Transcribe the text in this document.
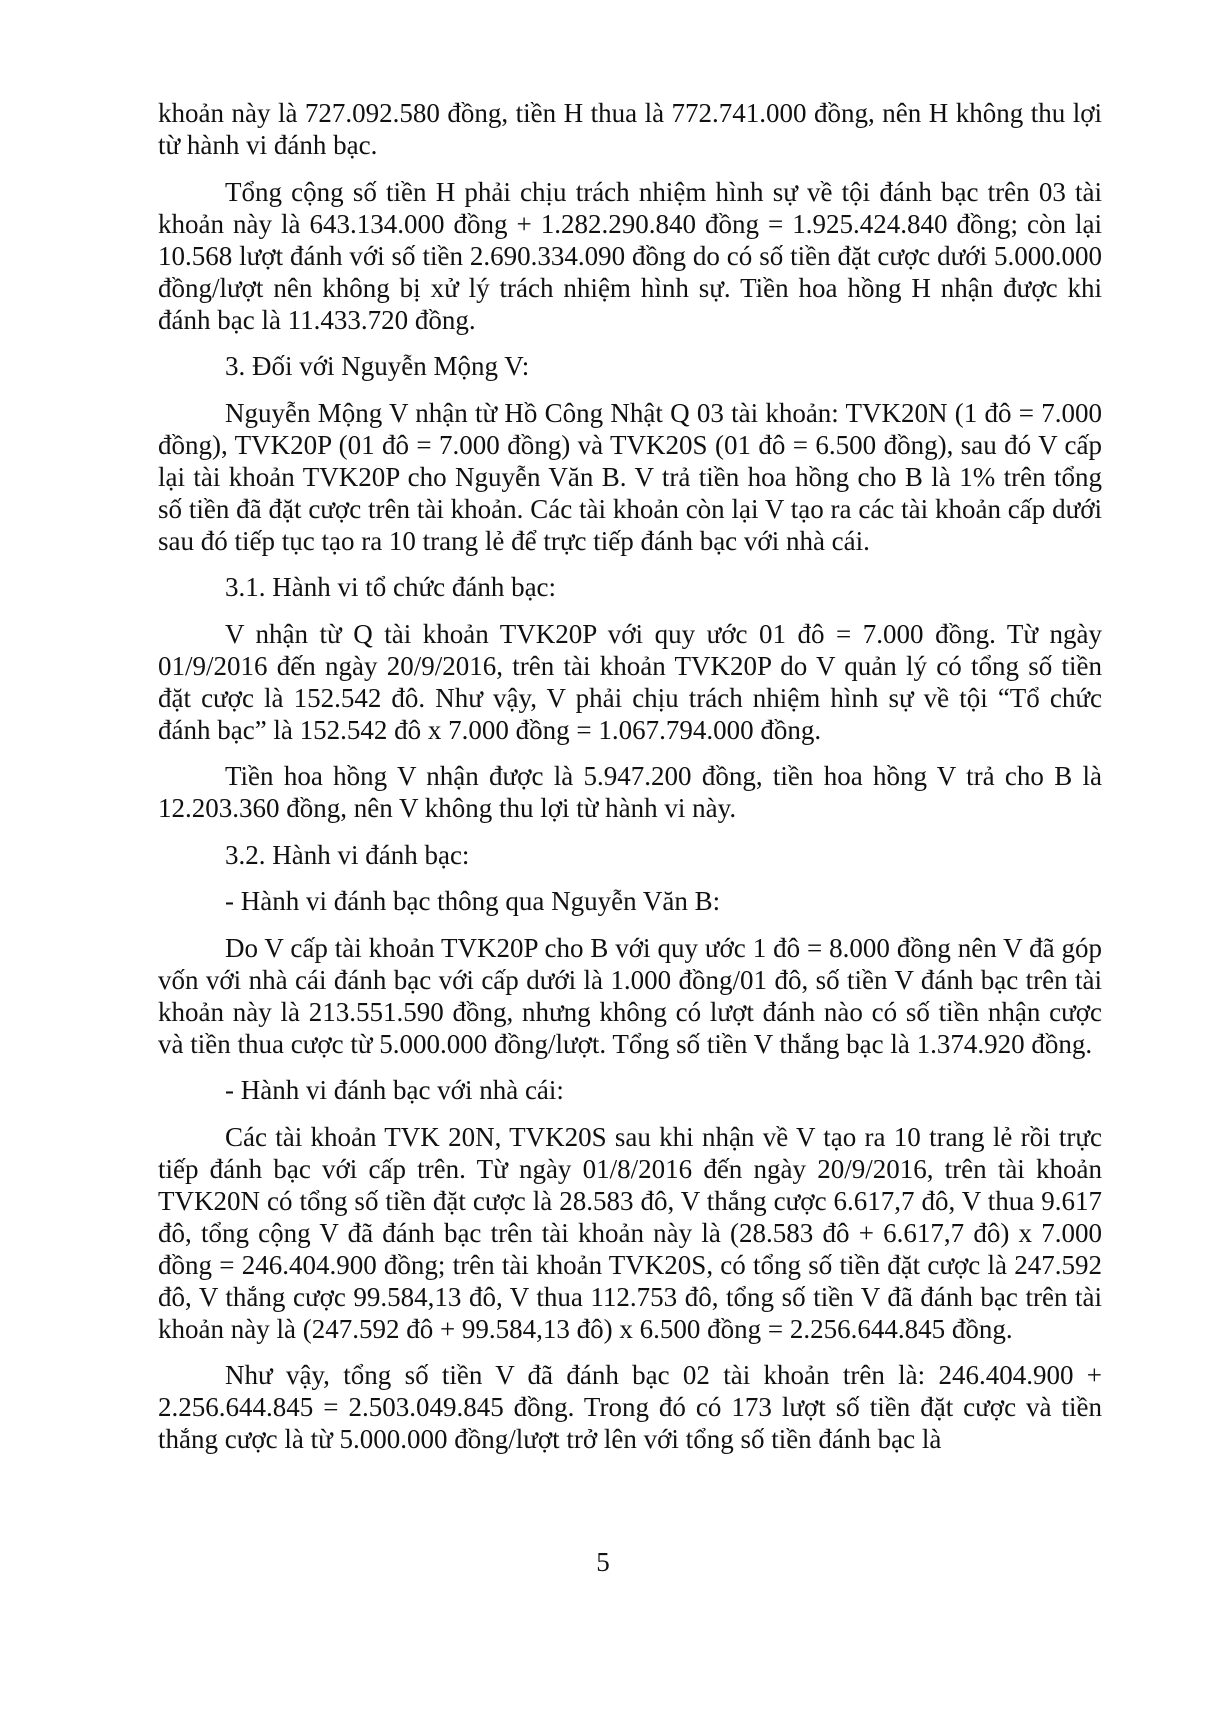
khoản này là 727.092.580 đồng, tiền H thua là 772.741.000 đồng, nên H không thu lợi từ hành vi đánh bạc.

Tổng cộng số tiền H phải chịu trách nhiệm hình sự về tội đánh bạc trên 03 tài khoản này là 643.134.000 đồng + 1.282.290.840 đồng = 1.925.424.840 đồng; còn lại 10.568 lượt đánh với số tiền 2.690.334.090 đồng do có số tiền đặt cược dưới 5.000.000 đồng/lượt nên không bị xử lý trách nhiệm hình sự. Tiền hoa hồng H nhận được khi đánh bạc là 11.433.720 đồng.

3. Đối với Nguyễn Mộng V:

Nguyễn Mộng V nhận từ Hồ Công Nhật Q 03 tài khoản: TVK20N (1 đô = 7.000 đồng), TVK20P (01 đô = 7.000 đồng) và TVK20S (01 đô = 6.500 đồng), sau đó V cấp lại tài khoản TVK20P cho Nguyễn Văn B. V trả tiền hoa hồng cho B là 1% trên tổng số tiền đã đặt cược trên tài khoản. Các tài khoản còn lại V tạo ra các tài khoản cấp dưới sau đó tiếp tục tạo ra 10 trang lẻ để trực tiếp đánh bạc với nhà cái.

3.1. Hành vi tổ chức đánh bạc:

V nhận từ Q tài khoản TVK20P với quy ước 01 đô = 7.000 đồng. Từ ngày 01/9/2016 đến ngày 20/9/2016, trên tài khoản TVK20P do V quản lý có tổng số tiền đặt cược là 152.542 đô. Như vậy, V phải chịu trách nhiệm hình sự về tội “Tổ chức đánh bạc” là 152.542 đô x 7.000 đồng = 1.067.794.000 đồng.

Tiền hoa hồng V nhận được là 5.947.200 đồng, tiền hoa hồng V trả cho B là 12.203.360 đồng, nên V không thu lợi từ hành vi này.

3.2. Hành vi đánh bạc:

- Hành vi đánh bạc thông qua Nguyễn Văn B:

Do V cấp tài khoản TVK20P cho B với quy ước 1 đô = 8.000 đồng nên V đã góp vốn với nhà cái đánh bạc với cấp dưới là 1.000 đồng/01 đô, số tiền V đánh bạc trên tài khoản này là 213.551.590 đồng, nhưng không có lượt đánh nào có số tiền nhận cược và tiền thua cược từ 5.000.000 đồng/lượt. Tổng số tiền V thắng bạc là 1.374.920 đồng.

- Hành vi đánh bạc với nhà cái:

Các tài khoản TVK 20N, TVK20S sau khi nhận về V tạo ra 10 trang lẻ rồi trực tiếp đánh bạc với cấp trên. Từ ngày 01/8/2016 đến ngày 20/9/2016, trên tài khoản TVK20N có tổng số tiền đặt cược là 28.583 đô, V thắng cược 6.617,7 đô, V thua 9.617 đô, tổng cộng V đã đánh bạc trên tài khoản này là (28.583 đô + 6.617,7 đô) x 7.000 đồng = 246.404.900 đồng; trên tài khoản TVK20S, có tổng số tiền đặt cược là 247.592 đô, V thắng cược 99.584,13 đô, V thua 112.753 đô, tổng số tiền V đã đánh bạc trên tài khoản này là (247.592 đô + 99.584,13 đô) x 6.500 đồng = 2.256.644.845 đồng.

Như vậy, tổng số tiền V đã đánh bạc 02 tài khoản trên là: 246.404.900 + 2.256.644.845 = 2.503.049.845 đồng. Trong đó có 173 lượt số tiền đặt cược và tiền thắng cược là từ 5.000.000 đồng/lượt trở lên với tổng số tiền đánh bạc là

5
